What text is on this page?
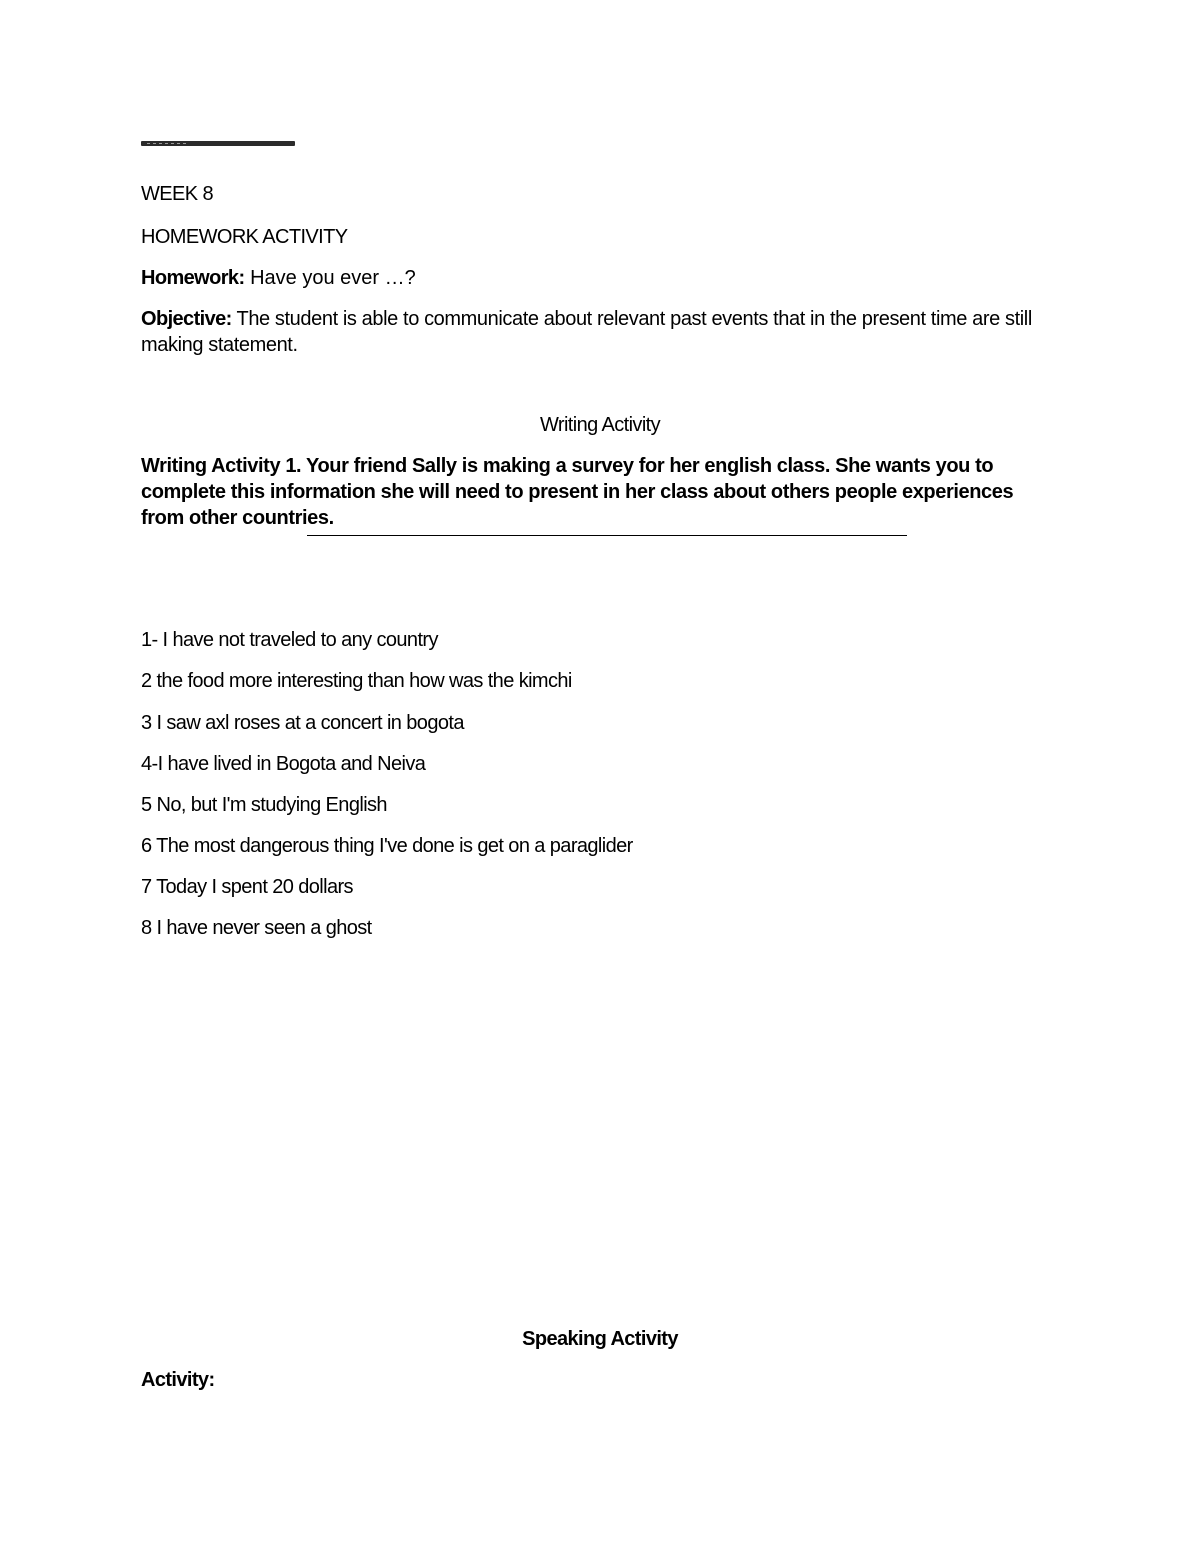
WEEK 8
HOMEWORK ACTIVITY
Homework: Have you ever …?
Objective: The student is able to communicate about relevant past events that in the present time are still making statement.
Writing Activity
Writing Activity 1. Your friend Sally is making a survey for her english class. She wants you to complete this information she will need to present in her class about others people experiences from other countries.
1- I have not traveled to any country
2 the food more interesting than how was the kimchi
3 I saw axl roses at a concert in bogota
4-I have lived in Bogota and Neiva
5 No, but I'm studying English
6 The most dangerous thing I've done is get on a paraglider
7 Today I spent 20 dollars
8 I have never seen a ghost
Speaking Activity
Activity:
